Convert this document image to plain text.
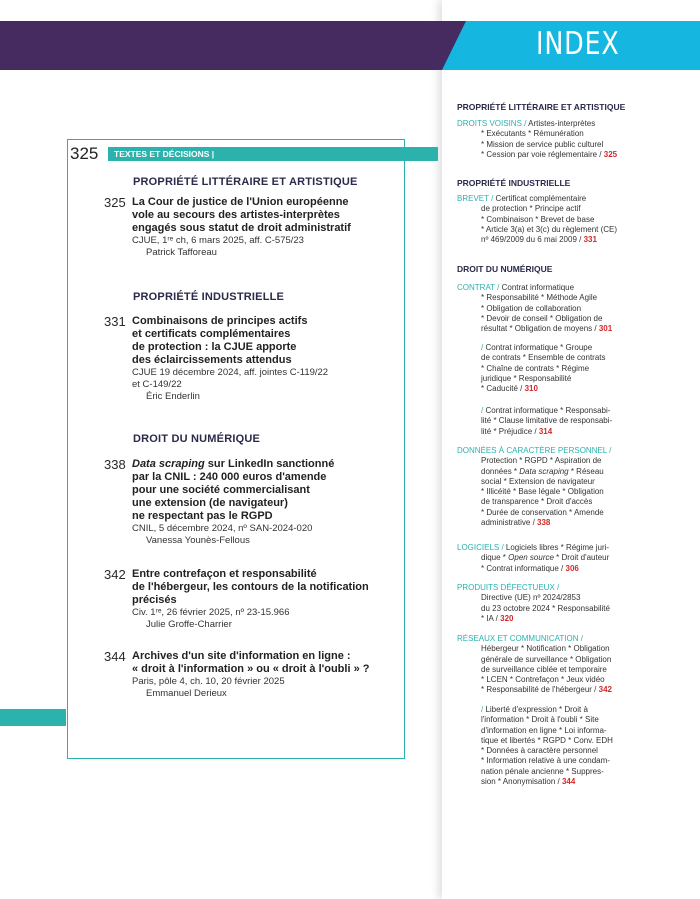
INDEX
325	TEXTES ET DÉCISIONS |
PROPRIÉTÉ LITTÉRAIRE ET ARTISTIQUE
325 La Cour de justice de l'Union européenne
vole au secours des artistes-interprètes
engagés sous statut de droit administratif
CJUE, 1ʳᵉ ch, 6 mars 2025, aff. C-575/23
Patrick Tafforeau
PROPRIÉTÉ INDUSTRIELLE
331 Combinaisons de principes actifs
et certificats complémentaires
de protection : la CJUE apporte
des éclaircissements attendus
CJUE 19 décembre 2024, aff. jointes C-119/22
et C-149/22
Éric Enderlin
DROIT DU NUMÉRIQUE
338 Data scraping sur LinkedIn sanctionné
par la CNIL : 240 000 euros d'amende
pour une société commercialisant
une extension (de navigateur)
ne respectant pas le RGPD
CNIL, 5 décembre 2024, nº SAN-2024-020
Vanessa Younès-Fellous
342 Entre contrefaçon et responsabilité
de l'hébergeur, les contours de la notification
précisés
Civ. 1ʳᵉ, 26 février 2025, nº 23-15.966
Julie Groffe-Charrier
344 Archives d'un site d'information en ligne :
« droit à l'information » ou « droit à l'oubli » ?
Paris, pôle 4, ch. 10, 20 février 2025
Emmanuel Derieux
PROPRIÉTÉ LITTÉRAIRE ET ARTISTIQUE
DROITS VOISINS / Artistes-interprètes
* Exécutants * Rémunération
* Mission de service public culturel
* Cession par voie réglementaire / 325
PROPRIÉTÉ INDUSTRIELLE
BREVET / Certificat complémentaire
de protection * Principe actif
* Combinaison * Brevet de base
* Article 3(a) et 3(c) du règlement (CE)
nº 469/2009 du 6 mai 2009 / 331
DROIT DU NUMÉRIQUE
CONTRAT / Contrat informatique
* Responsabilité * Méthode Agile
* Obligation de collaboration
* Devoir de conseil * Obligation de
résultat * Obligation de moyens / 301
/ Contrat informatique * Groupe
de contrats * Ensemble de contrats
* Chaîne de contrats * Régime
juridique * Responsabilité
* Caducité / 310
/ Contrat informatique * Responsabi-
lité * Clause limitative de responsabi-
lité * Préjudice / 314
DONNÉES À CARACTÈRE PERSONNEL /
Protection * RGPD * Aspiration de
données * Data scraping * Réseau
social * Extension de navigateur
* Illicéité * Base légale * Obligation
de transparence * Droit d'accès
* Durée de conservation * Amende
administrative / 338
LOGICIELS / Logiciels libres * Régime juri-
dique * Open source * Droit d'auteur
* Contrat informatique / 306
PRODUITS DÉFECTUEUX /
Directive (UE) nº 2024/2853
du 23 octobre 2024 * Responsabilité
* IA / 320
RÉSEAUX ET COMMUNICATION /
Hébergeur * Notification * Obligation
générale de surveillance * Obligation
de surveillance ciblée et temporaire
* LCEN * Contrefaçon * Jeux vidéo
* Responsabilité de l'hébergeur / 342
/ Liberté d'expression * Droit à
l'information * Droit à l'oubli * Site
d'information en ligne * Loi informa-
tique et libertés * RGPD * Conv. EDH
* Données à caractère personnel
* Information relative à une condam-
nation pénale ancienne * Suppres-
sion * Anonymisation / 344
